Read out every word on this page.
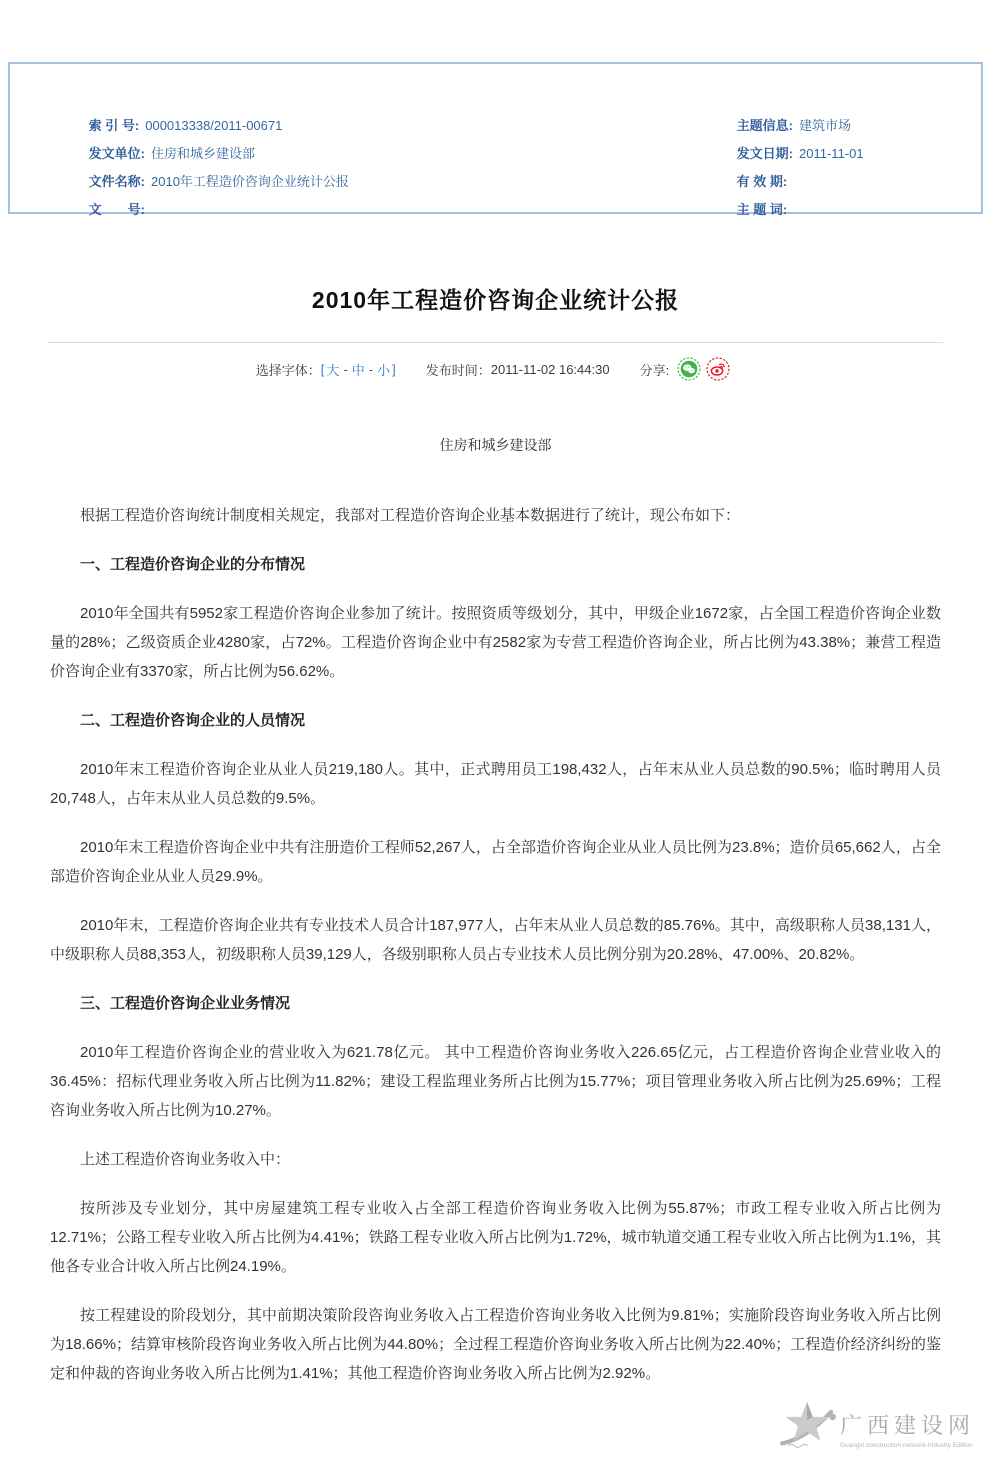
索 引 号: 000013338/2011-00671

发文单位: 住房和城乡建设部

文件名称: 2010年工程造价咨询企业统计公报

文　　号:

主题信息: 建筑市场

发文日期: 2011-11-01

有 效 期:

主 题 词:

2010年工程造价咨询企业统计公报
选择字体： [ 大 - 中 - 小 ] 发布时间： 2011-11-02 16:44:30 分享:
住房和城乡建设部

根据工程造价咨询统计制度相关规定，我部对工程造价咨询企业基本数据进行了统计，现公布如下：

一、工程造价咨询企业的分布情况

2010年全国共有5952家工程造价咨询企业参加了统计。按照资质等级划分，其中，甲级企业1672家，占全国工程造价咨询企业数量的28%；乙级资质企业4280家，占72%。工程造价咨询企业中有2582家为专营工程造价咨询企业，所占比例为43.38%；兼营工程造价咨询企业有3370家，所占比例为56.62%。

二、工程造价咨询企业的人员情况

2010年末工程造价咨询企业从业人员219,180人。其中，正式聘用员工198,432人，占年末从业人员总数的90.5%；临时聘用人员20,748人，占年末从业人员总数的9.5%。

2010年末工程造价咨询企业中共有注册造价工程师52,267人，占全部造价咨询企业从业人员比例为23.8%；造价员65,662人，占全部造价咨询企业从业人员29.9%。

2010年末，工程造价咨询企业共有专业技术人员合计187,977人，占年末从业人员总数的85.76%。其中，高级职称人员38,131人，中级职称人员88,353人，初级职称人员39,129人，各级别职称人员占专业技术人员比例分别为20.28%、47.00%、20.82%。

三、工程造价咨询企业业务情况

2010年工程造价咨询企业的营业收入为621.78亿元。 其中工程造价咨询业务收入226.65亿元，占工程造价咨询企业营业收入的36.45%：招标代理业务收入所占比例为11.82%；建设工程监理业务所占比例为15.77%；项目管理业务收入所占比例为25.69%；工程咨询业务收入所占比例为10.27%。

上述工程造价咨询业务收入中：

按所涉及专业划分，其中房屋建筑工程专业收入占全部工程造价咨询业务收入比例为55.87%；市政工程专业收入所占比例为12.71%；公路工程专业收入所占比例为4.41%；铁路工程专业收入所占比例为1.72%，城市轨道交通工程专业收入所占比例为1.1%，其他各专业合计收入所占比例24.19%。

按工程建设的阶段划分，其中前期决策阶段咨询业务收入占工程造价咨询业务收入比例为9.81%；实施阶段咨询业务收入所占比例为18.66%；结算审核阶段咨询业务收入所占比例为44.80%；全过程工程造价咨询业务收入所占比例为22.40%；工程造价经济纠纷的鉴定和仲裁的咨询业务收入所占比例为1.41%；其他工程造价咨询业务收入所占比例为2.92%。

广西建设网
Guangxi construction network-Industry Edition
